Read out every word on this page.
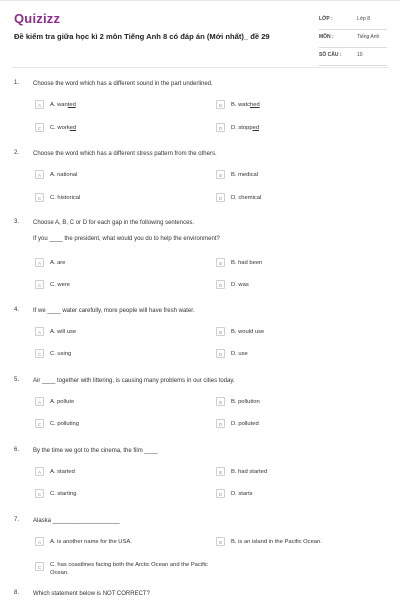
Quizizz
Đề kiểm tra giữa học kì 2 môn Tiếng Anh 8 có đáp án (Mới nhất)_ đề 29
LỚP :	Lớp 8
MÔN :	Tiếng Anh
SỐ CÂU :	10
1. Choose the word which has a different sound in the part underlined.
A	A. wanted	B	B. watched
C	C. worked	D	D. stopped
2. Choose the word which has a different stress pattern from the others.
A	A. national	B	B. medical
C	C. historical	D	D. chemical
3. Choose A, B, C or D for each gap in the following sentences.
If you ____ the president, what would you do to help the environment?
A	A. are	B	B. had been
C	C. were	D	D. was
4. If we ____ water carefully, more people will have fresh water.
A	A. will use	B	B. would use
C	C. using	D	D. use
5. Air ____ together with littering, is causing many problems in our cities today.
A	A. pollute	B	B. pollution
C	C. polluting	D	D. polluted
6. By the time we got to the cinema, the film ____
A	A. started	B	B. had started
C	C. starting	D	D. starts
7. Alaska ____________________
A	A. is another name for the USA.	B	B. is an island in the Pacific Ocean.
C	C. has coastlines facing both the Arctic Ocean and the Pacific Ocean.
8. Which statement below is NOT CORRECT?
